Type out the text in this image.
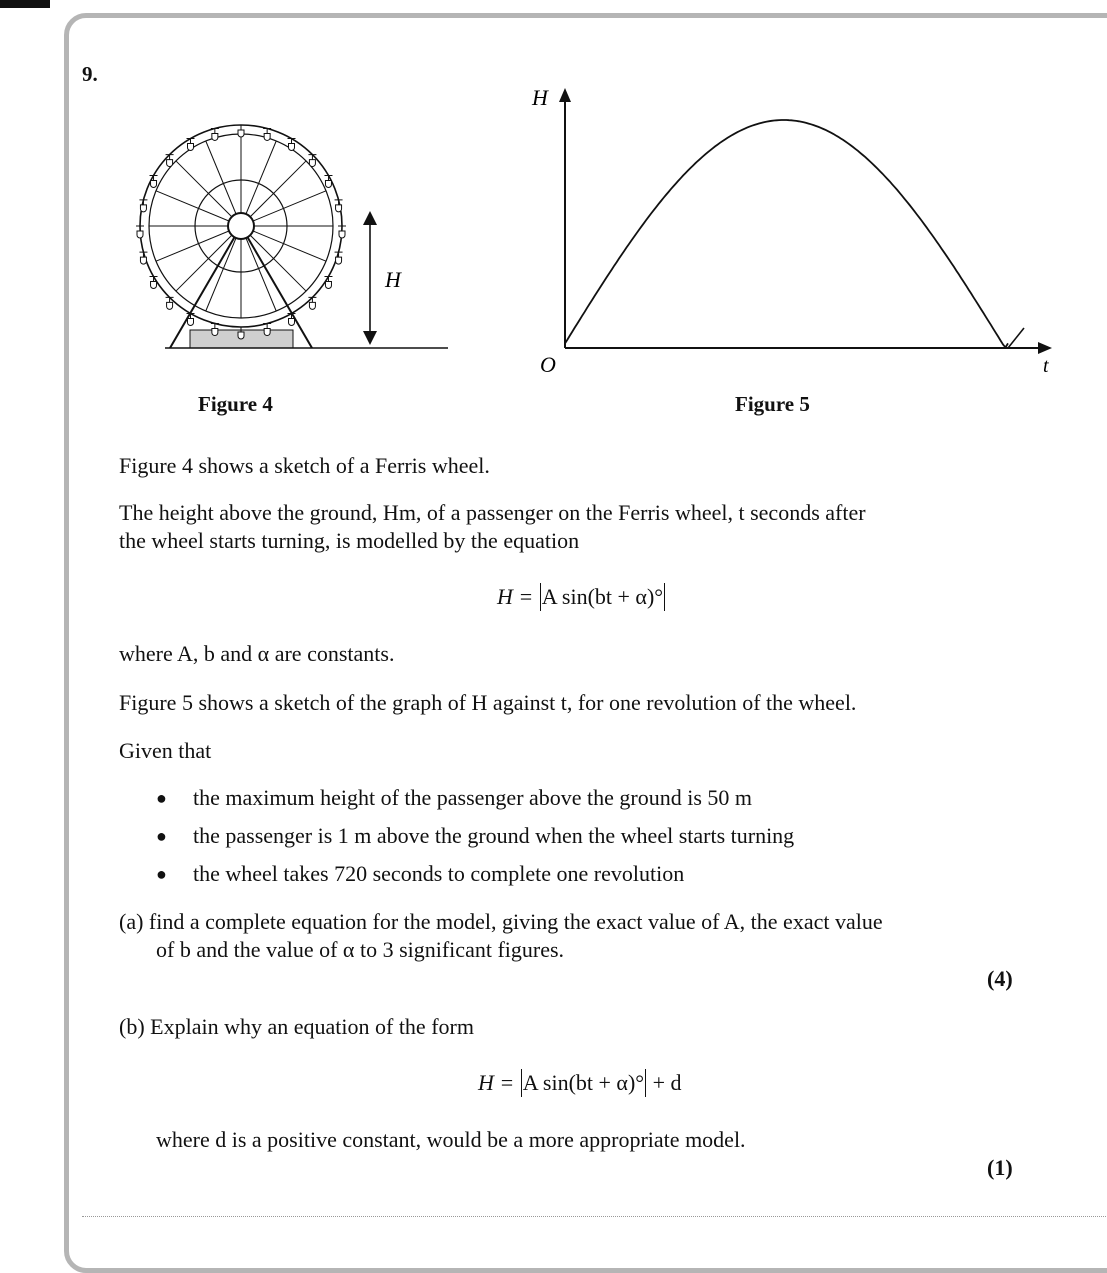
9.
H
H
O	t
Figure 4	Figure 5
Figure 4 shows a sketch of a Ferris wheel.
The height above the ground, Hm, of a passenger on the Ferris wheel, t seconds after
the wheel starts turning, is modelled by the equation
H = A sin(bt + α)°
where A, b and α are constants.
Figure 5 shows a sketch of the graph of H against t, for one revolution of the wheel.
Given that
● the maximum height of the passenger above the ground is 50 m
● the passenger is 1 m above the ground when the wheel starts turning
● the wheel takes 720 seconds to complete one revolution
(a) find a complete equation for the model, giving the exact value of A, the exact value
of b and the value of α to 3 significant figures.
(4)
(b) Explain why an equation of the form
H = A sin(bt + α)° + d
where d is a positive constant, would be a more appropriate model.
(1)
